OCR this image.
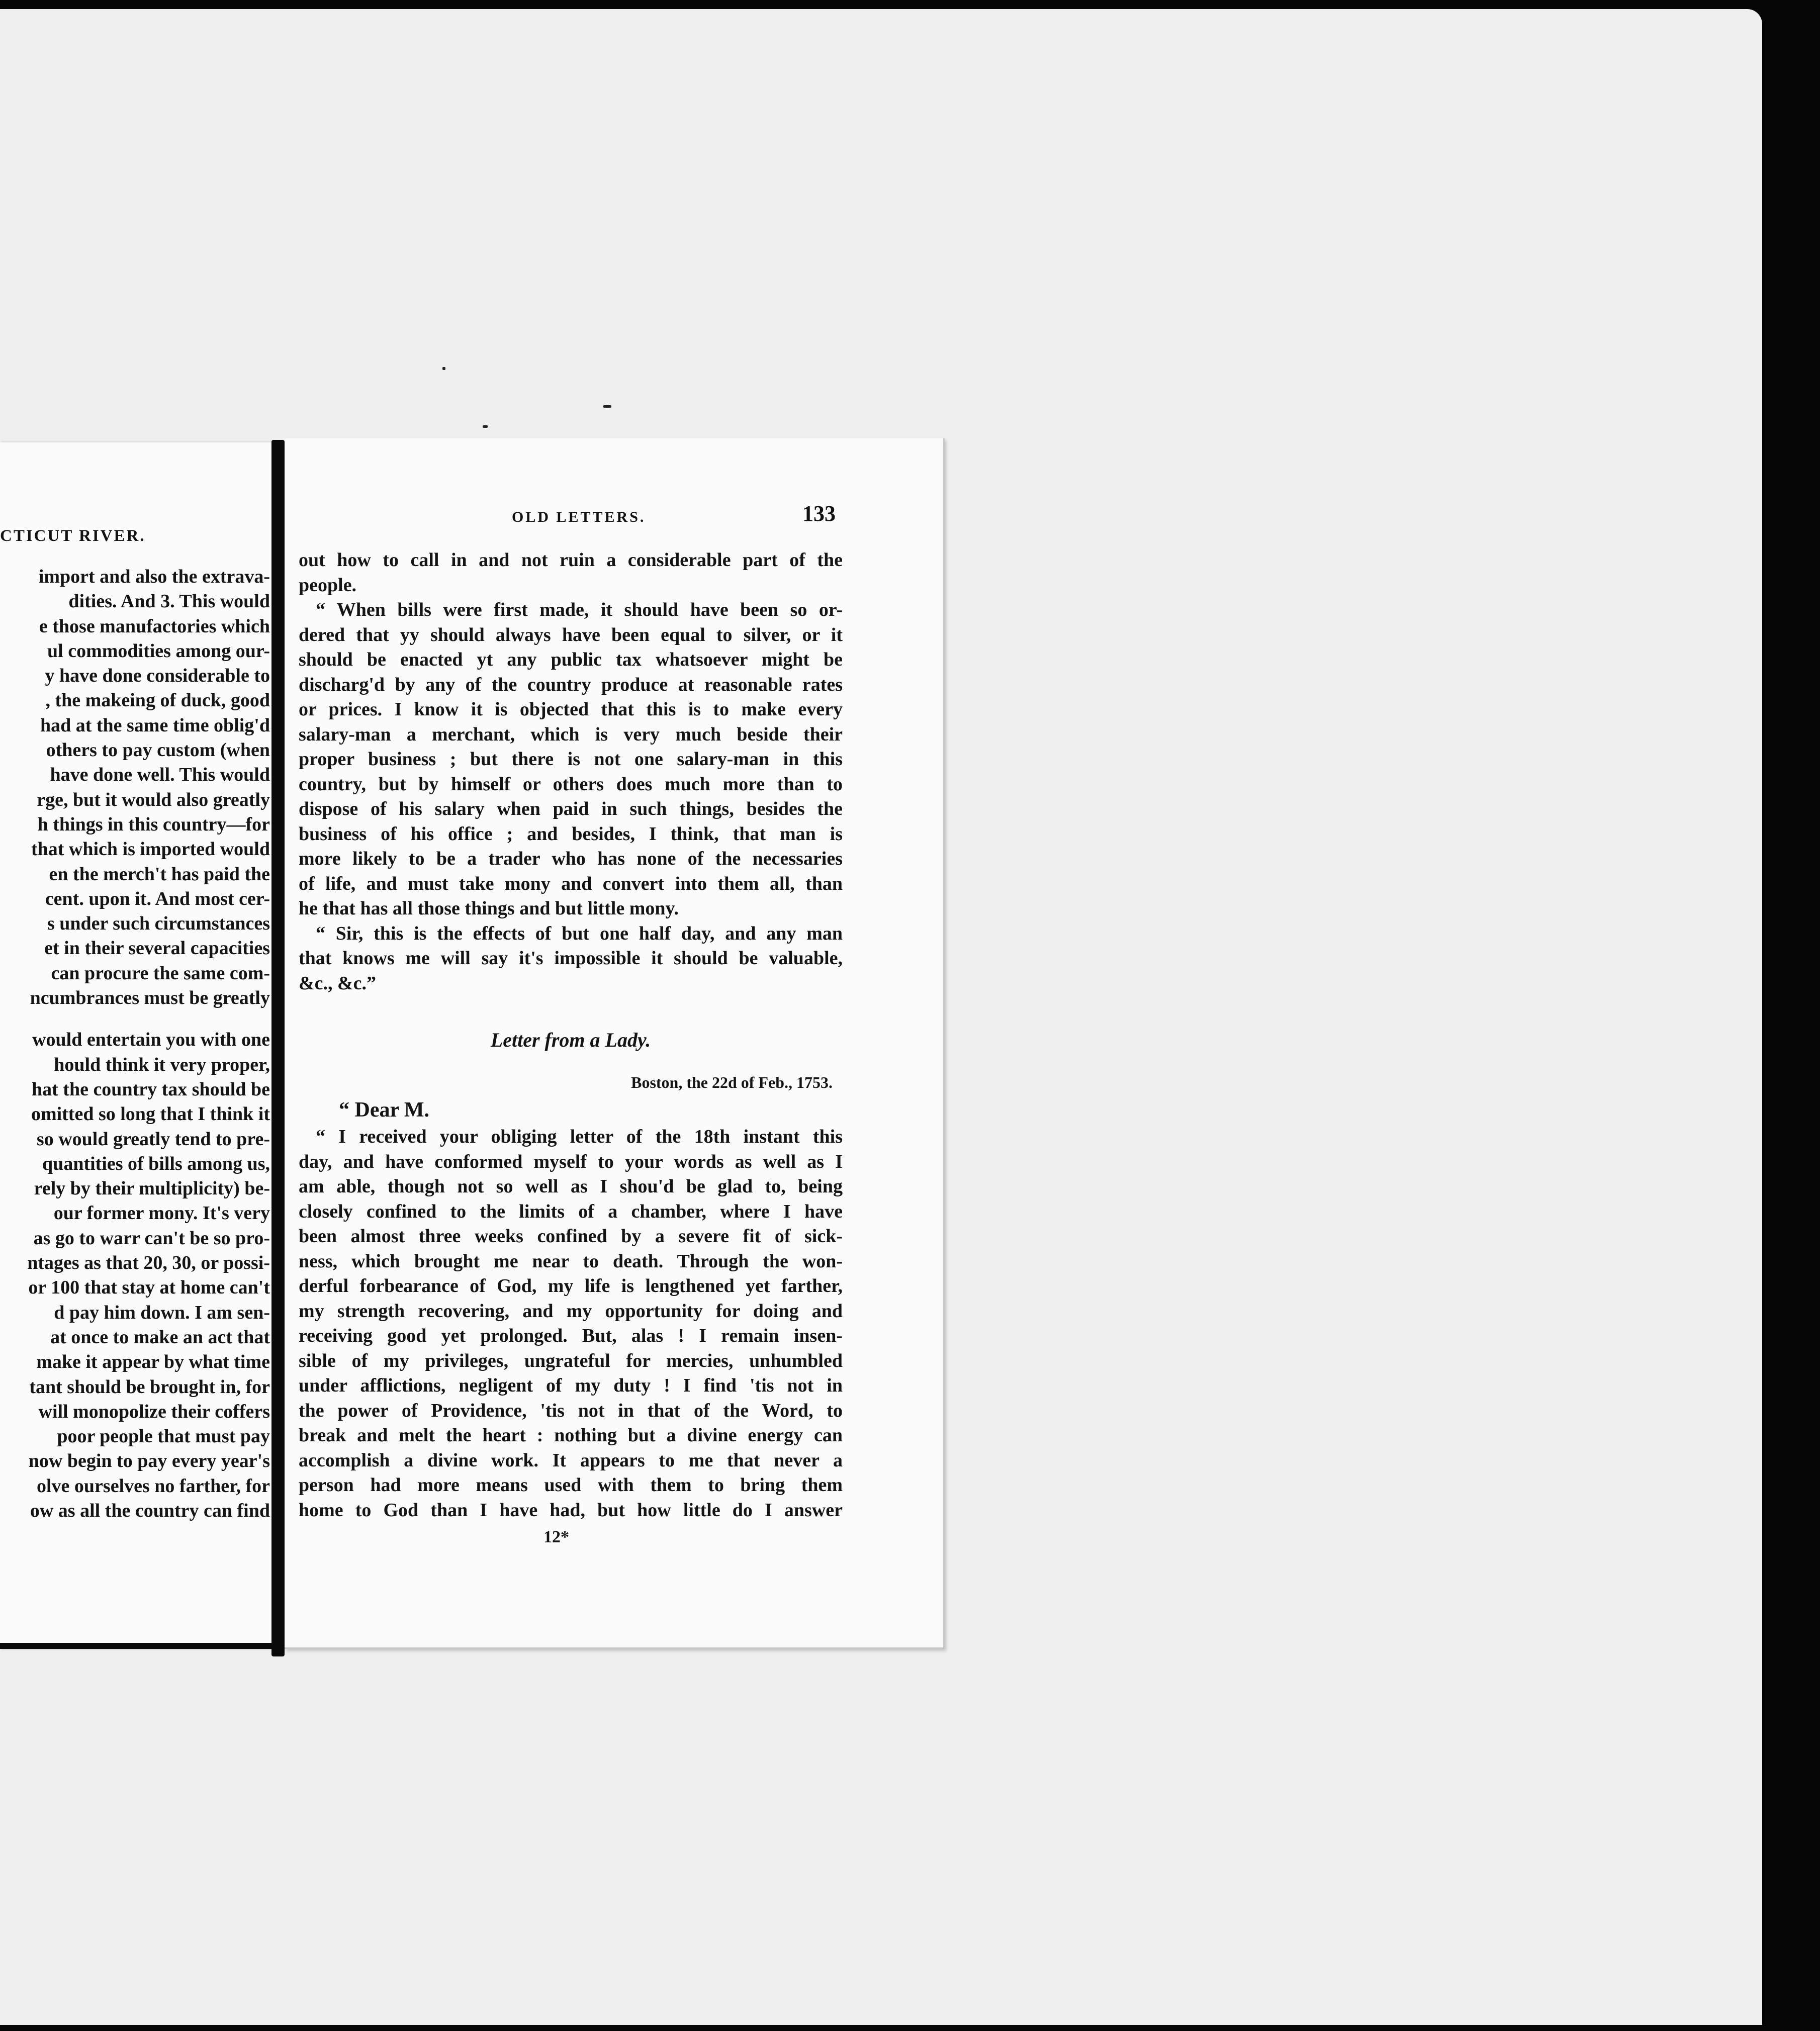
CTICUT RIVER.
import and also the extrava-
dities. And 3. This would
e those manufactories which
ul commodities among our-
y have done considerable to
, the makeing of duck, good
had at the same time oblig'd
others to pay custom (when
have done well. This would
rge, but it would also greatly
h things in this country—for
that which is imported would
en the merch't has paid the
cent. upon it. And most cer-
s under such circumstances
et in their several capacities
can procure the same com-
ncumbrances must be greatly
would entertain you with one
hould think it very proper,
hat the country tax should be
omitted so long that I think it
so would greatly tend to pre-
quantities of bills among us,
rely by their multiplicity) be-
our former mony. It's very
as go to warr can't be so pro-
ntages as that 20, 30, or possi-
or 100 that stay at home can't
d pay him down. I am sen-
at once to make an act that
make it appear by what time
tant should be brought in, for
will monopolize their coffers
poor people that must pay
now begin to pay every year's
olve ourselves no farther, for
ow as all the country can find
OLD LETTERS.	133
out how to call in and not ruin a considerable part of the
people.
“ When bills were first made, it should have been so or-
dered that yy should always have been equal to silver, or it
should be enacted yt any public tax whatsoever might be
discharg'd by any of the country produce at reasonable rates
or prices. I know it is objected that this is to make every
salary-man a merchant, which is very much beside their
proper business ; but there is not one salary-man in this
country, but by himself or others does much more than to
dispose of his salary when paid in such things, besides the
business of his office ; and besides, I think, that man is
more likely to be a trader who has none of the necessaries
of life, and must take mony and convert into them all, than
he that has all those things and but little mony.
“ Sir, this is the effects of but one half day, and any man
that knows me will say it's impossible it should be valuable,
&c., &c.”
Letter from a Lady.
Boston, the 22d of Feb., 1753.
“ Dear M.
“ I received your obliging letter of the 18th instant this
day, and have conformed myself to your words as well as I
am able, though not so well as I shou'd be glad to, being
closely confined to the limits of a chamber, where I have
been almost three weeks confined by a severe fit of sick-
ness, which brought me near to death. Through the won-
derful forbearance of God, my life is lengthened yet farther,
my strength recovering, and my opportunity for doing and
receiving good yet prolonged. But, alas ! I remain insen-
sible of my privileges, ungrateful for mercies, unhumbled
under afflictions, negligent of my duty ! I find 'tis not in
the power of Providence, 'tis not in that of the Word, to
break and melt the heart : nothing but a divine energy can
accomplish a divine work. It appears to me that never a
person had more means used with them to bring them
home to God than I have had, but how little do I answer
12*
